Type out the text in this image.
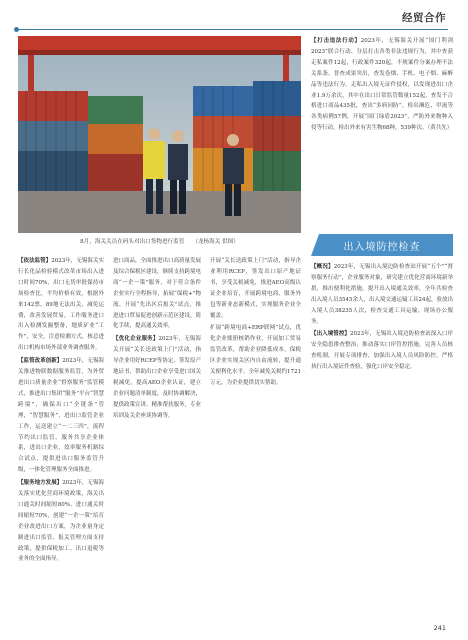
经贸合作
8月，海关关员在码头对出口货物进行监管 （龙杨海关 供图）

【打击违法行动】2023年，无锡海关开展“国门利剑2023”联合行动、分层打击各类非法违规行为，其中查获走私案件12起，行政案件320起，不规案件分案办理不法关系条。普查成果突出，查发卷烟、手机、电子烟、麻醉品等违法行为。走私出入境无证件侵权，以发现进出口企业1.9万余次，其中在出口日常监管数量152起，查发不合格进口商品435批，查出“多病同防”，检出濒危、甲流等各类病例57例，开展“国门绿盾2023”，严防外来物种入侵等行动，检出外来有害生物68种，539种次。（黄共先）

出入境防控检查

【依法监管】2023年，无锡海关实行长化品检验模式改革市场出入进口时间70%，出口无货审批保持市场检查比，平均价格有效，根据外来142票，89地无法出关，减免运费，改善发展贸易，工作服务进口出入检测发掘整备，地质矿业“工作”，安全，注意检测方式，核总进出口机构市场外部业务调查服务。

【监管改革创新】2023年，无锡海关推进物联数据服务监管，为外贸进出口质量企业“督察服务”监管模式，推进出口集团“服务”平台“智慧跨境”，确保出口“全链条”管理，“智慧服务”，进出口监管企业工作，运送建立“一二三四”，流程节约出口监管、服务共享企业体系，进出口企业，效率服务机制综合试点，提供进出口服务监管升级，一体化管理服务全面推进。

【服务地方发展】2023年，无锡海关落实优化营商环境政策，海关出口通关时间缩短80%、进口通关时间缩短70%，创建“一企一策”培育企业改进出口方案，为企业量身定制进出口监管、报关管理方面支持政策，提供保税加工、出口退税等业务的全面指导。

进口商品，全面推进出口高质量发展及综合保税区建设，继续支持跨境电商“一企一策”服务，对于符合条件企业实行全程指导，拓展“保税+”物流、开展“先出区后报关”试点，推进进口贸易促进创新示范区建设，简化手续，提高通关效率。

【优化企业服务】2023年，无锡海关开展“关长送政策上门”活动，指导企业用好RCEP等协定，签发原产地证书，帮助出口企业享受进口国关税减免，提高AEO企业认证，建立企业问题清单制度，及时协调解决，提供政策宣讲、精准帮扶服务，专业培训及关企座谈协调等。

开展“关长送政策上门”活动，指导企业利用RCEP，签发出口原产地证书，享受关税减免，推进AEO高级认证企业培育，开展跨境电商、服务外包等新业态新模式，实现服务企业全覆盖。

扩展“跨境电商+ERP联网”试点，优化企业账册核销作业，开展加工贸易监管改革，帮助企业降低成本，保税区企业实现关区内自由流转，提升通关便利化水平。全年减免关税约1721万元，为企业提供切实帮助。

【概况】2023年，无锡出入境边防检查站开展“五个”“督察服务行动”，企业服务对象，研究建立优化营商环境新举措，推出便利化措施，提升出入境通关效率，全年共检查出入境人员3545余人，出入境交通运输工具24起，验放出入境人员38235人次，检查交通工具运输，现场办公服务。

【出入境管控】2023年，无锡出入境边防检查站深入口岸安全隐患排查整治，推动落实口岸管控措施，完善人员核查机制，开展专项排查，加强出入境人员风险防控，严格执行出入境证件查验，强化口岸安全稳定。

241
